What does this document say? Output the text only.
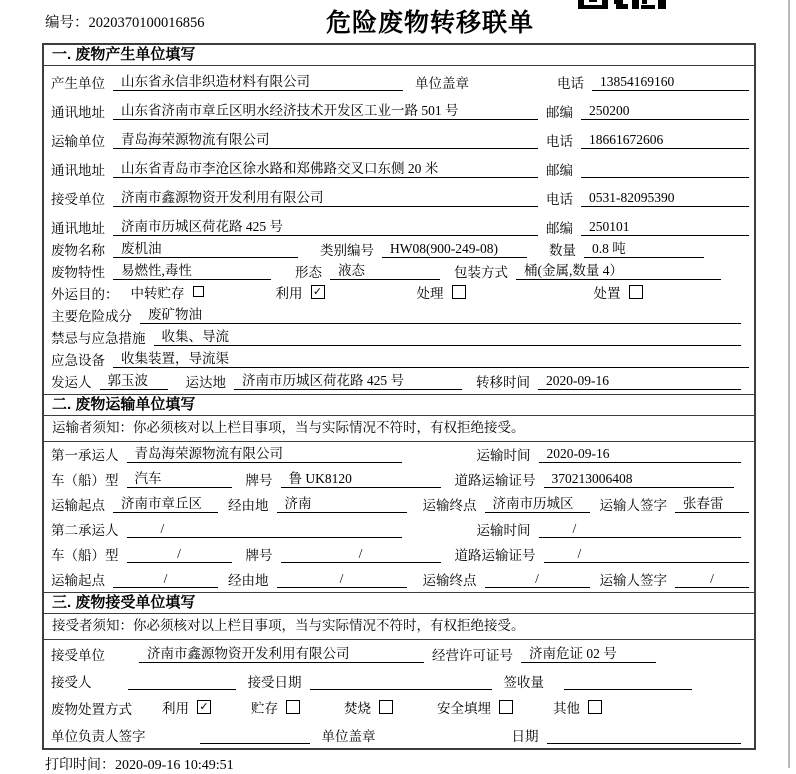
编号：2020370100016856	危险废物转移联单
一. 废物产生单位填写
产生单位	山东省永信非织造材料有限公司	单位盖章	电话	13854169160
通讯地址	山东省济南市章丘区明水经济技术开发区工业一路 501 号	邮编	250200
运输单位	青岛海荣源物流有限公司	电话	18661672606
通讯地址	山东省青岛市李沧区徐水路和郑佛路交叉口东侧 20 米	邮编
接受单位	济南市鑫源物资开发利用有限公司	电话	0531-82095390
通讯地址	济南市历城区荷花路 425 号	邮编	250101
废物名称	废机油	类别编号	HW08(900-249-08)	数量	0.8 吨
废物特性	易燃性,毒性	形态	液态	包装方式	桶(金属,数量 4）
外运目的： 中转贮存	利用 ✓	处理	处置
主要危险成分	废矿物油
禁忌与应急措施	收集、导流
应急设备	收集装置，导流渠
发运人	郭玉波	运达地	济南市历城区荷花路 425 号	转移时间	2020-09-16
二. 废物运输单位填写
运输者须知：你必须核对以上栏目事项，当与实际情况不符时，有权拒绝接受。
第一承运人	青岛海荣源物流有限公司	运输时间	2020-09-16
车（船）型	汽车	牌号	鲁 UK8120	道路运输证号	370213006408
运输起点	济南市章丘区	经由地	济南	运输终点	济南市历城区	运输人签字	张春雷
第二承运人	/	运输时间	/
车（船）型	/	牌号	/	道路运输证号	/
运输起点	/	经由地	/	运输终点	/	运输人签字	/
三. 废物接受单位填写
接受者须知：你必须核对以上栏目事项，当与实际情况不符时，有权拒绝接受。
接受单位	济南市鑫源物资开发利用有限公司	经营许可证号	济南危证 02 号
接受人	接受日期	签收量
废物处置方式 利用 ✓	贮存	焚烧	安全填埋	其他
单位负责人签字	单位盖章	日期
打印时间：2020-09-16 10:49:51
